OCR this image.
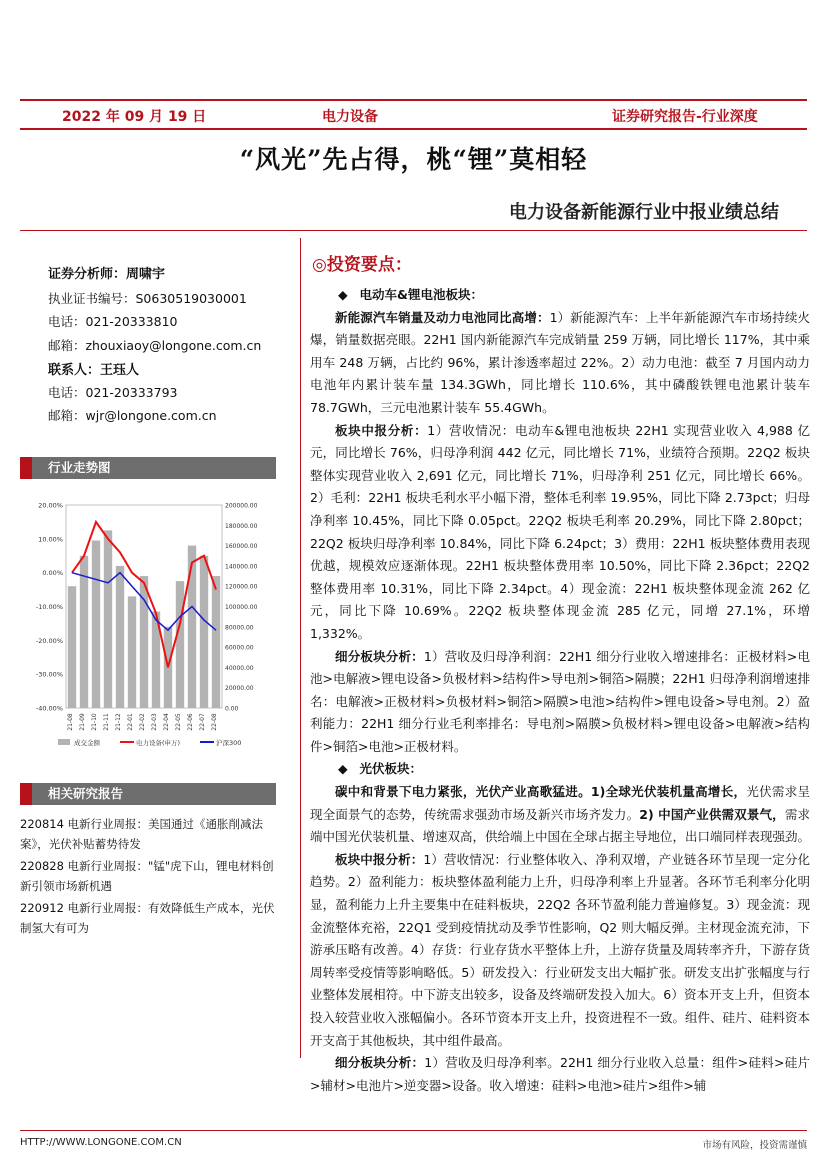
2022 年 09 月 19 日	电力设备	证券研究报告-行业深度
“风光”先占得，桃“锂”莫相轻
电力设备新能源行业中报业绩总结
证券分析师：周啸宇
执业证书编号：S0630519030001
电话：021-20333810
邮箱：zhouxiaoy@longone.com.cn
联系人：王珏人
电话：021-20333793
邮箱：wjr@longone.com.cn
行业走势图
20.00%
10.00%
0.00%
-10.00%
-20.00%
-30.00%
-40.00%
200000.00
180000.00
160000.00
140000.00
120000.00
100000.00
80000.00
60000.00
40000.00
20000.00
0.00
21-08 21-09 21-10 21-11 21-12 22-01 22-02 22-03 22-04 22-05 22-06 22-07 22-08
成交金额	电力设备(申万)	沪深300
相关研究报告
220814 电新行业周报：美国通过《通胀削减法案》，光伏补贴蓄势待发
220828 电新行业周报："锰"虎下山，锂电材料创新引领市场新机遇
220912 电新行业周报：有效降低生产成本，光伏制氢大有可为
◎投资要点：

◆ 电动车&锂电池板块：

新能源汽车销量及动力电池同比高增：1）新能源汽车：上半年新能源汽车市场持续火爆，销量数据亮眼。22H1 国内新能源汽车完成销量 259 万辆，同比增长 117%，其中乘用车 248 万辆，占比约 96%，累计渗透率超过 22%。2）动力电池：截至 7 月国内动力电池年内累计装车量 134.3GWh，同比增长 110.6%，其中磷酸铁锂电池累计装车 78.7GWh，三元电池累计装车 55.4GWh。

板块中报分析：1）营收情况：电动车&锂电池板块 22H1 实现营业收入 4,988 亿元，同比增长 76%，归母净利润 442 亿元，同比增长 71%，业绩符合预期。22Q2 板块整体实现营业收入 2,691 亿元，同比增长 71%，归母净利 251 亿元，同比增长 66%。2）毛利：22H1 板块毛利水平小幅下滑，整体毛利率 19.95%，同比下降 2.73pct；归母净利率 10.45%，同比下降 0.05pct。22Q2 板块毛利率 20.29%，同比下降 2.80pct；22Q2 板块归母净利率 10.84%，同比下降 6.24pct；3）费用：22H1 板块整体费用表现优越，规模效应逐渐体现。22H1 板块整体费用率 10.50%，同比下降 2.36pct；22Q2 整体费用率 10.31%，同比下降 2.34pct。4）现金流：22H1 板块整体现金流 262 亿元，同比下降 10.69%。22Q2 板块整体现金流 285 亿元，同增 27.1%，环增 1,332%。

细分板块分析：1）营收及归母净利润：22H1 细分行业收入增速排名：正极材料>电池>电解液>锂电设备>负极材料>结构件>导电剂>铜箔>隔膜；22H1 归母净利润增速排名：电解液>正极材料>负极材料>铜箔>隔膜>电池>结构件>锂电设备>导电剂。2）盈利能力：22H1 细分行业毛利率排名：导电剂>隔膜>负极材料>锂电设备>电解液>结构件>铜箔>电池>正极材料。

◆ 光伏板块：

碳中和背景下电力紧张，光伏产业高歌猛进。1)全球光伏装机量高增长，光伏需求呈现全面景气的态势，传统需求强劲市场及新兴市场齐发力。2) 中国产业供需双景气，需求端中国光伏装机量、增速双高，供给端上中国在全球占据主导地位，出口端同样表现强劲。

板块中报分析：1）营收情况：行业整体收入、净利双增，产业链各环节呈现一定分化趋势。2）盈利能力：板块整体盈利能力上升，归母净利率上升显著。各环节毛利率分化明显，盈利能力上升主要集中在硅料板块，22Q2 各环节盈利能力普遍修复。3）现金流：现金流整体充裕，22Q1 受到疫情扰动及季节性影响，Q2 则大幅反弹。主材现金流充沛，下游承压略有改善。4）存货：行业存货水平整体上升，上游存货量及周转率齐升，下游存货周转率受疫情等影响略低。5）研发投入：行业研发支出大幅扩张。研发支出扩张幅度与行业整体发展相符。中下游支出较多，设备及终端研发投入加大。6）资本开支上升，但资本投入较营业收入涨幅偏小。各环节资本开支上升，投资进程不一致。组件、硅片、硅料资本开支高于其他板块，其中组件最高。

细分板块分析：1）营收及归母净利率。22H1 细分行业收入总量：组件>硅料>硅片>辅材>电池片>逆变器>设备。收入增速：硅料>电池>硅片>组件>辅

HTTP://WWW.LONGONE.COM.CN	市场有风险，投资需谨慎
